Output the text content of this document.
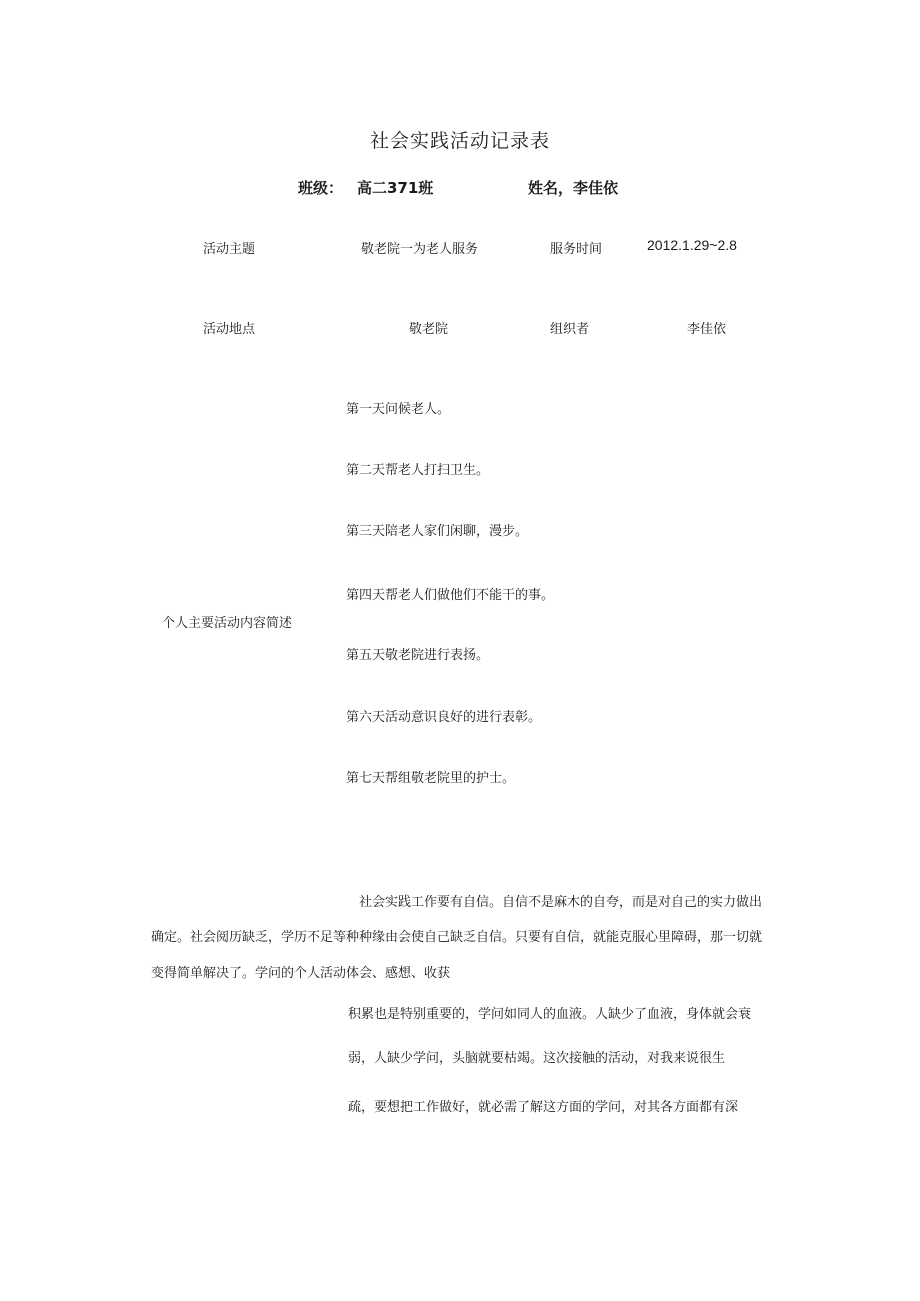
社会实践活动记录表
班级： 高二371班	姓名，李佳依
活动主题	敬老院一为老人服务	服务时间	2012.1.29~2.8
活动地点	敬老院	组织者	李佳依
个人主要活动内容简述
第一天问候老人。
第二天帮老人打扫卫生。
第三天陪老人家们闲聊，漫步。
第四天帮老人们做他们不能干的事。
第五天敬老院进行表扬。
第六天活动意识良好的进行表彰。
第七天帮组敬老院里的护士。
社会实践工作要有自信。自信不是麻木的自夸，而是对自己的实力做出
确定。社会阅历缺乏，学历不足等种种缘由会使自己缺乏自信。只要有自信，就能克服心里障碍，那一切就
变得简单解决了。学问的个人活动体会、感想、收获
积累也是特别重要的，学问如同人的血液。人缺少了血液，身体就会衰
弱，人缺少学问，头脑就要枯竭。这次接触的活动，对我来说很生
疏，要想把工作做好，就必需了解这方面的学问，对其各方面都有深
